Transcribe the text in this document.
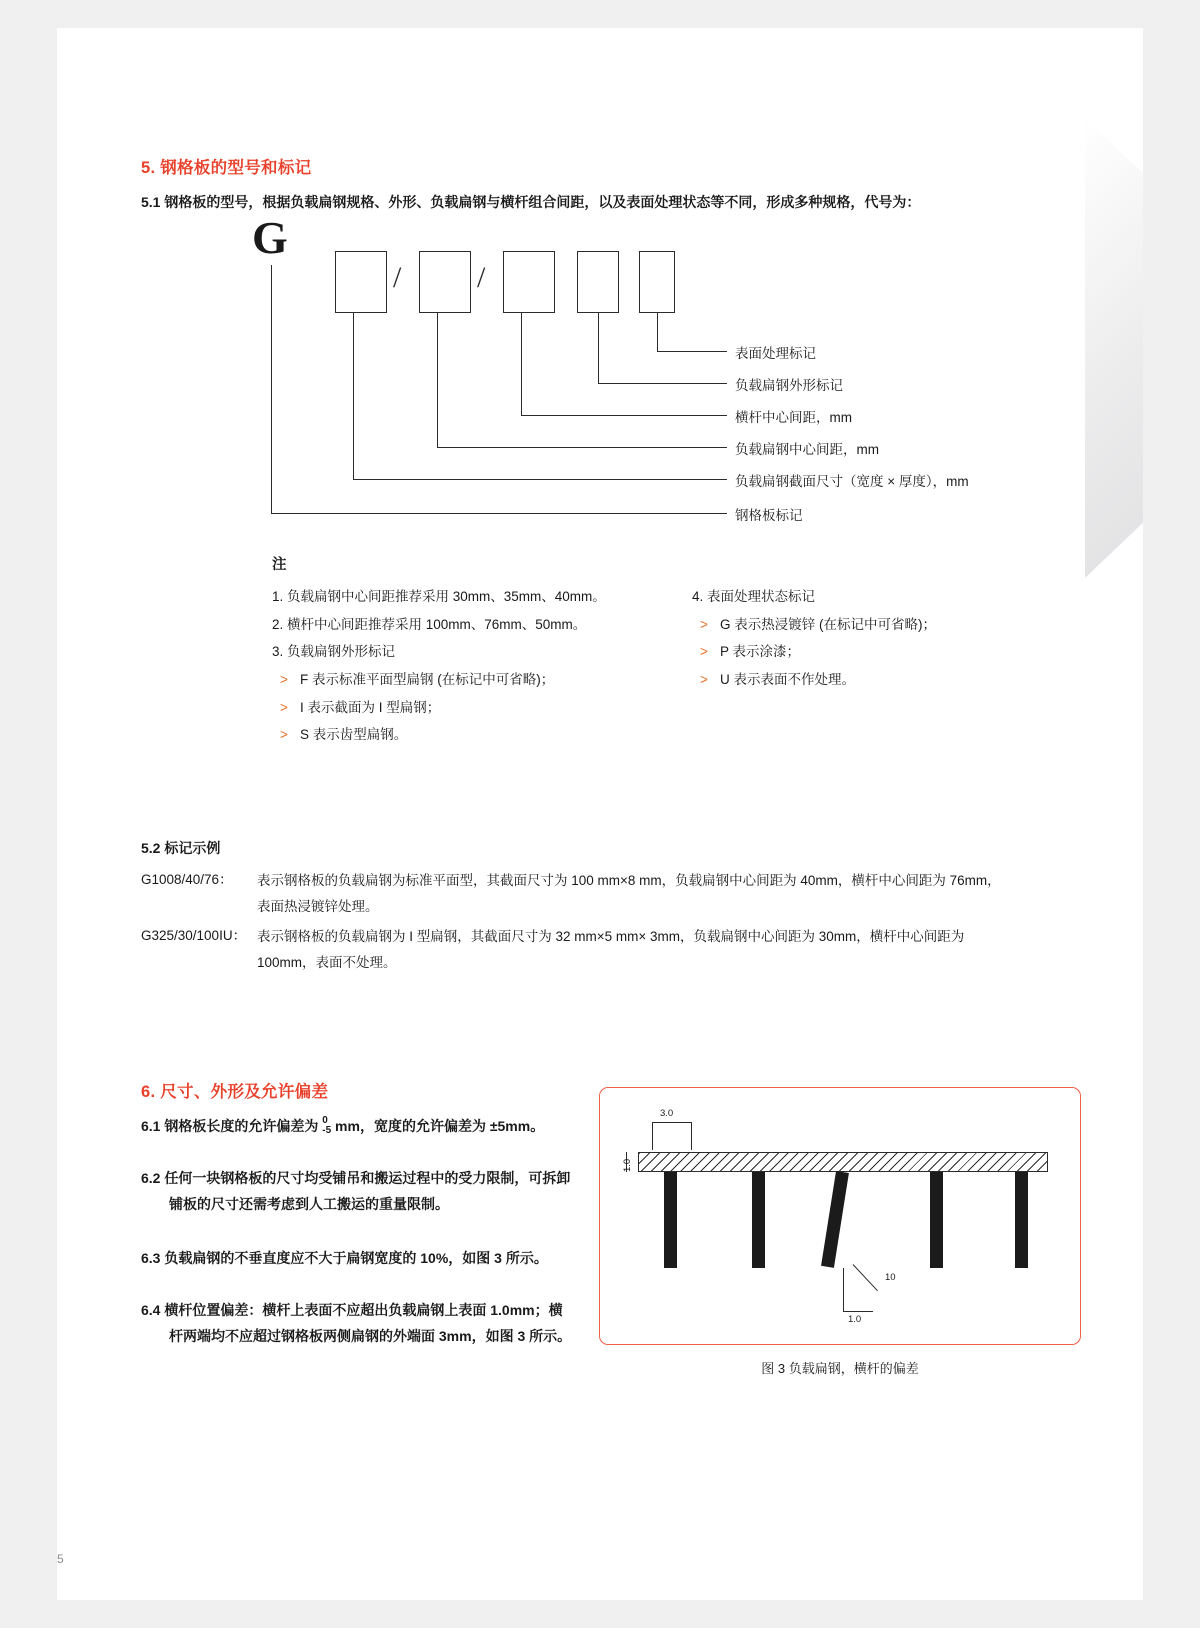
5. 钢格板的型号和标记
5.1 钢格板的型号，根据负载扁钢规格、外形、负载扁钢与横杆组合间距，以及表面处理状态等不同，形成多种规格，代号为：
G
/	/
表面处理标记
负载扁钢外形标记
横杆中心间距，mm
负载扁钢中心间距，mm
负载扁钢截面尺寸（宽度 × 厚度），mm
钢格板标记
注
1. 负载扁钢中心间距推荐采用 30mm、35mm、40mm。
2. 横杆中心间距推荐采用 100mm、76mm、50mm。
3. 负载扁钢外形标记
> F 表示标准平面型扁钢 (在标记中可省略)；
> I 表示截面为 I 型扁钢；
> S 表示齿型扁钢。
4. 表面处理状态标记
> G 表示热浸镀锌 (在标记中可省略)；
> P 表示涂漆；
> U 表示表面不作处理。
5.2 标记示例
G1008/40/76： 表示钢格板的负载扁钢为标准平面型，其截面尺寸为 100 mm×8 mm，负载扁钢中心间距为 40mm，横杆中心间距为 76mm，
表面热浸镀锌处理。
G325/30/100IU： 表示钢格板的负载扁钢为 I 型扁钢，其截面尺寸为 32 mm×5 mm× 3mm，负载扁钢中心间距为 30mm，横杆中心间距为
100mm，表面不处理。
6. 尺寸、外形及允许偏差
6.1 钢格板长度的允许偏差为 0
-5 mm，宽度的允许偏差为 ±5mm。
6.2 任何一块钢格板的尺寸均受铺吊和搬运过程中的受力限制，可拆卸
铺板的尺寸还需考虑到人工搬运的重量限制。
6.3 负载扁钢的不垂直度应不大于扁钢宽度的 10%，如图 3 所示。
6.4 横杆位置偏差：横杆上表面不应超出负载扁钢上表面 1.0mm；横
杆两端均不应超过钢格板两侧扁钢的外端面 3mm，如图 3 所示。
3.0
1.0
10
1.0
图 3 负载扁钢，横杆的偏差
5
